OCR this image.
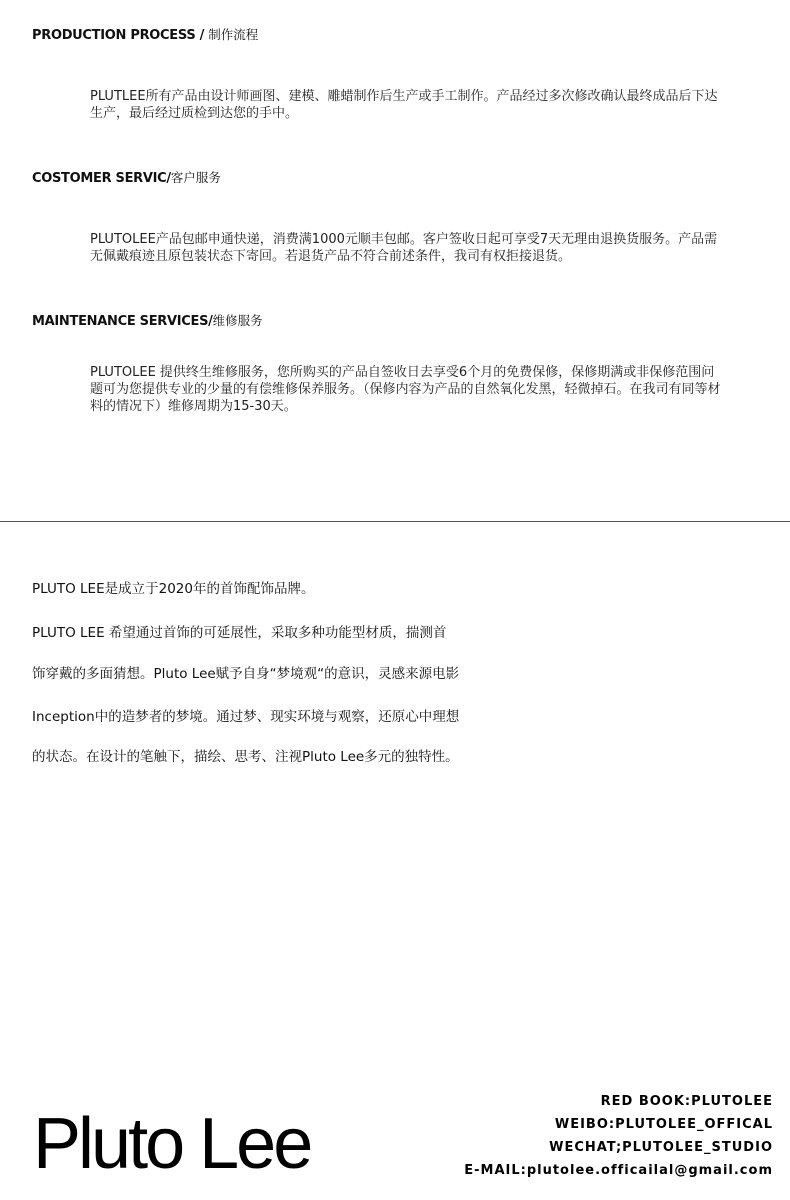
PRODUCTION PROCESS / 制作流程
PLUTLEE所有产品由设计师画图、建模、雕蜡制作后生产或手工制作。产品经过多次修改确认最终成品后下达生产，最后经过质检到达您的手中。
COSTOMER SERVIC/客户服务
PLUTOLEE产品包邮申通快递，消费满1000元顺丰包邮。客户签收日起可享受7天无理由退换货服务。产品需无佩戴痕迹且原包装状态下寄回。若退货产品不符合前述条件，我司有权拒接退货。
MAINTENANCE SERVICES/维修服务
PLUTOLEE 提供终生维修服务，您所购买的产品自签收日去享受6个月的免费保修，保修期满或非保修范围问题可为您提供专业的少量的有偿维修保养服务。（保修内容为产品的自然氧化发黑，轻微掉石。在我司有同等材料的情况下）维修周期为15-30天。
PLUTO LEE是成立于2020年的首饰配饰品牌。
PLUTO LEE 希望通过首饰的可延展性，采取多种功能型材质，揣测首
饰穿戴的多面猜想。Pluto Lee赋予自身“梦境观“的意识，灵感来源电影
Inception中的造梦者的梦境。通过梦、现实环境与观察，还原心中理想
的状态。在设计的笔触下，描绘、思考、注视Pluto Lee多元的独特性。
Pluto Lee
RED BOOK:PLUTOLEE
WEIBO:PLUTOLEE_OFFICAL
WECHAT;PLUTOLEE_STUDIO
E-MAIL:plutolee.officailal@gmail.com
